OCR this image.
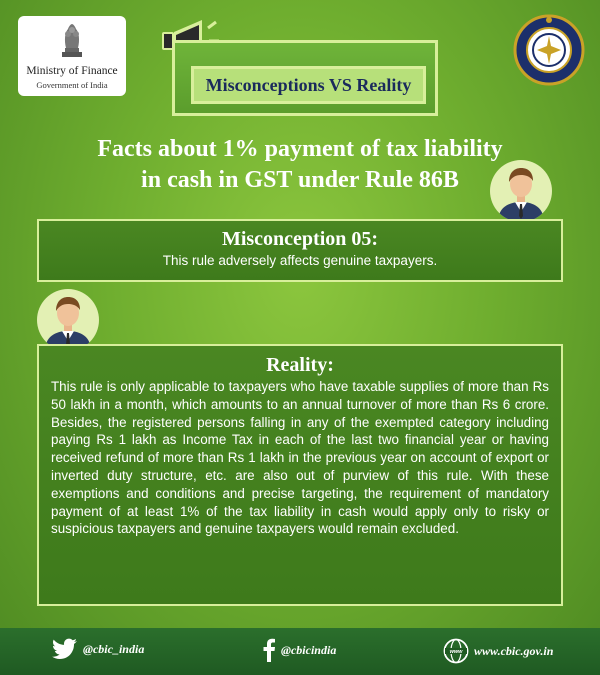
Ministry of Finance
Government of India	Misconceptions VS Reality
Facts about 1% payment of tax liability
in cash in GST under Rule 86B
Misconception 05:
This rule adversely affects genuine taxpayers.
Reality:
This rule is only applicable to taxpayers who have taxable supplies of more than Rs 50 lakh in a month, which amounts to an annual turnover of more than Rs 6 crore. Besides, the registered persons falling in any of the exempted category including paying Rs 1 lakh as Income Tax in each of the last two financial year or having received refund of more than Rs 1 lakh in the previous year on account of export or inverted duty structure, etc. are also out of purview of this rule. With these exemptions and conditions and precise targeting, the requirement of mandatory payment of at least 1% of the tax liability in cash would apply only to risky or suspicious taxpayers and genuine taxpayers would remain excluded.
@cbic_india	@cbicindia	www www.cbic.gov.in
